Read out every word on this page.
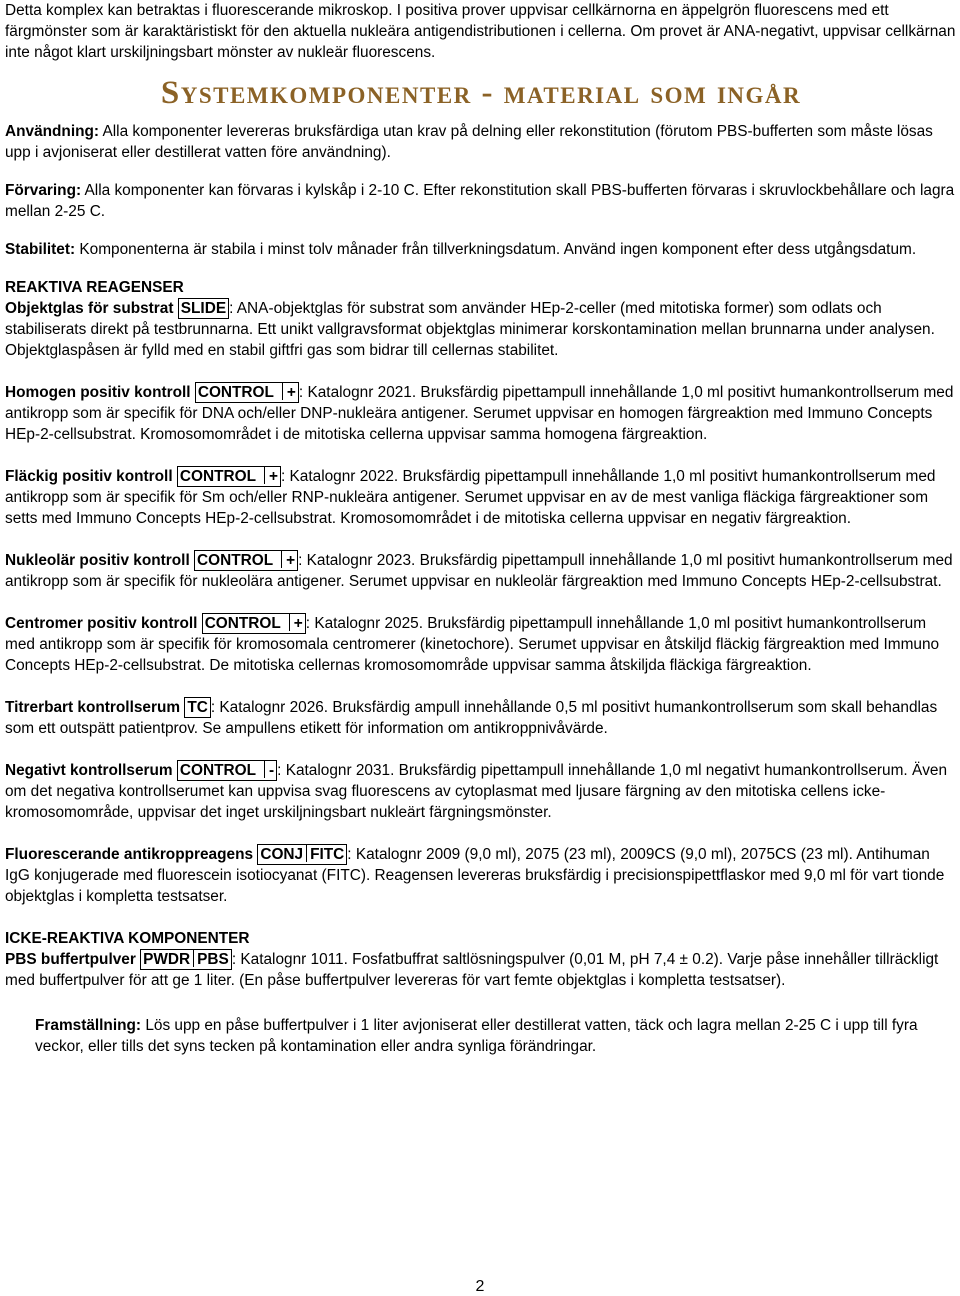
Detta komplex kan betraktas i fluorescerande mikroskop. I positiva prover uppvisar cellkärnorna en äppelgrön fluorescens med ett färgmönster som är karaktäristiskt för den aktuella nukleära antigendistributionen i cellerna. Om provet är ANA-negativt, uppvisar cellkärnan inte något klart urskiljningsbart mönster av nukleär fluorescens.

Systemkomponenter - material som ingår

Användning: Alla komponenter levereras bruksfärdiga utan krav på delning eller rekonstitution (förutom PBS-bufferten som måste lösas upp i avjoniserat eller destillerat vatten före användning).

Förvaring: Alla komponenter kan förvaras i kylskåp i 2-10 C. Efter rekonstitution skall PBS-bufferten förvaras i skruvlockbehållare och lagra mellan 2-25 C.

Stabilitet: Komponenterna är stabila i minst tolv månader från tillverkningsdatum. Använd ingen komponent efter dess utgångsdatum.

REAKTIVA REAGENSER

Objektglas för substrat SLIDE : ANA-objektglas för substrat som använder HEp-2-celler (med mitotiska former) som odlats och stabiliserats direkt på testbrunnarna. Ett unikt vallgravsformat objektglas minimerar korskontamination mellan brunnarna under analysen. Objektglaspåsen är fylld med en stabil giftfri gas som bidrar till cellernas stabilitet.

Homogen positiv kontroll CONTROL + : Katalognr 2021. Bruksfärdig pipettampull innehållande 1,0 ml positivt humankontrollserum med antikropp som är specifik för DNA och/eller DNP-nukleära antigener. Serumet uppvisar en homogen färgreaktion med Immuno Concepts HEp-2-cellsubstrat. Kromosomområdet i de mitotiska cellerna uppvisar samma homogena färgreaktion.

Fläckig positiv kontroll CONTROL + : Katalognr 2022. Bruksfärdig pipettampull innehållande 1,0 ml positivt humankontrollserum med antikropp som är specifik för Sm och/eller RNP-nukleära antigener. Serumet uppvisar en av de mest vanliga fläckiga färgreaktioner som setts med Immuno Concepts HEp-2-cellsubstrat. Kromosomområdet i de mitotiska cellerna uppvisar en negativ färgreaktion.

Nukleolär positiv kontroll CONTROL + : Katalognr 2023. Bruksfärdig pipettampull innehållande 1,0 ml positivt humankontrollserum med antikropp som är specifik för nukleolära antigener. Serumet uppvisar en nukleolär färgreaktion med Immuno Concepts HEp-2-cellsubstrat.

Centromer positiv kontroll CONTROL + : Katalognr 2025. Bruksfärdig pipettampull innehållande 1,0 ml positivt humankontrollserum med antikropp som är specifik för kromosomala centromerer (kinetochore). Serumet uppvisar en åtskiljd fläckig färgreaktion med Immuno Concepts HEp-2-cellsubstrat. De mitotiska cellernas kromosomområde uppvisar samma åtskiljda fläckiga färgreaktion.

Titrerbart kontrollserum TC : Katalognr 2026. Bruksfärdig ampull innehållande 0,5 ml positivt humankontrollserum som skall behandlas som ett outspätt patientprov. Se ampullens etikett för information om antikroppnivåvärde.

Negativt kontrollserum CONTROL - : Katalognr 2031. Bruksfärdig pipettampull innehållande 1,0 ml negativt humankontrollserum. Även om det negativa kontrollserumet kan uppvisa svag fluorescens av cytoplasmat med ljusare färgning av den mitotiska cellens icke-kromosomområde, uppvisar det inget urskiljningsbart nukleärt färgningsmönster.

Fluorescerande antikroppreagens CONJ FITC : Katalognr 2009 (9,0 ml), 2075 (23 ml), 2009CS (9,0 ml), 2075CS (23 ml). Antihuman IgG konjugerade med fluorescein isotiocyanat (FITC). Reagensen levereras bruksfärdig i precisionspipettflaskor med 9,0 ml för vart tionde objektglas i kompletta testsatser.

ICKE-REAKTIVA KOMPONENTER

PBS buffertpulver PWDR PBS : Katalognr 1011. Fosfatbuffrat saltlösningspulver (0,01 M, pH 7,4 ± 0.2). Varje påse innehåller tillräckligt med buffertpulver för att ge 1 liter. (En påse buffertpulver levereras för vart femte objektglas i kompletta testsatser).

Framställning: Lös upp en påse buffertpulver i 1 liter avjoniserat eller destillerat vatten, täck och lagra mellan 2-25 C i upp till fyra veckor, eller tills det syns tecken på kontamination eller andra synliga förändringar.

2
